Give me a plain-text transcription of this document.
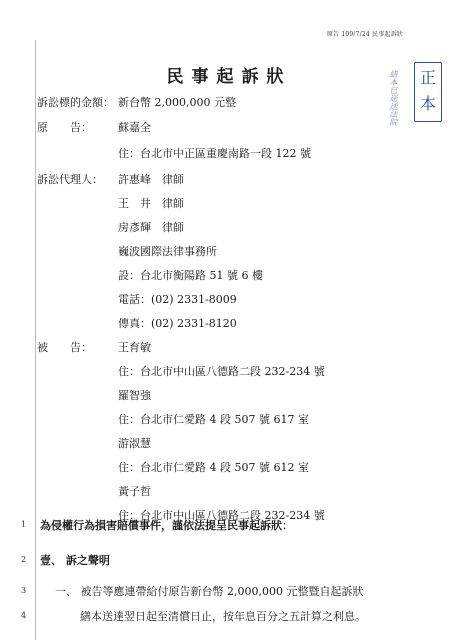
原告 109/7/24 民事起訴狀
正本
繕本已逕送法院
民事起訴狀
訴訟標的金額： 新台幣 2,000,000 元整
原　　告： 蘇嘉全
住：台北市中正區重慶南路一段 122 號
訴訟代理人： 許惠峰　律師
王　井　律師
房彥輝　律師
巍波國際法律事務所
設：台北市衡陽路 51 號 6 樓
電話：(02) 2331-8009
傳真：(02) 2331-8120
被　　告： 王育敏
住：台北市中山區八德路二段 232-234 號
羅智強
住：台北市仁愛路 4 段 507 號 617 室
游淑慧
住：台北市仁愛路 4 段 507 號 612 室
黃子哲
住：台北市中山區八德路二段 232-234 號
1 為侵權行為損害賠償事件，謹依法提呈民事起訴狀：
2 壹、 訴之聲明
3	一、 被告等應連帶給付原告新台幣 2,000,000 元整暨自起訴狀
4	繕本送達翌日起至清償日止，按年息百分之五計算之利息。
